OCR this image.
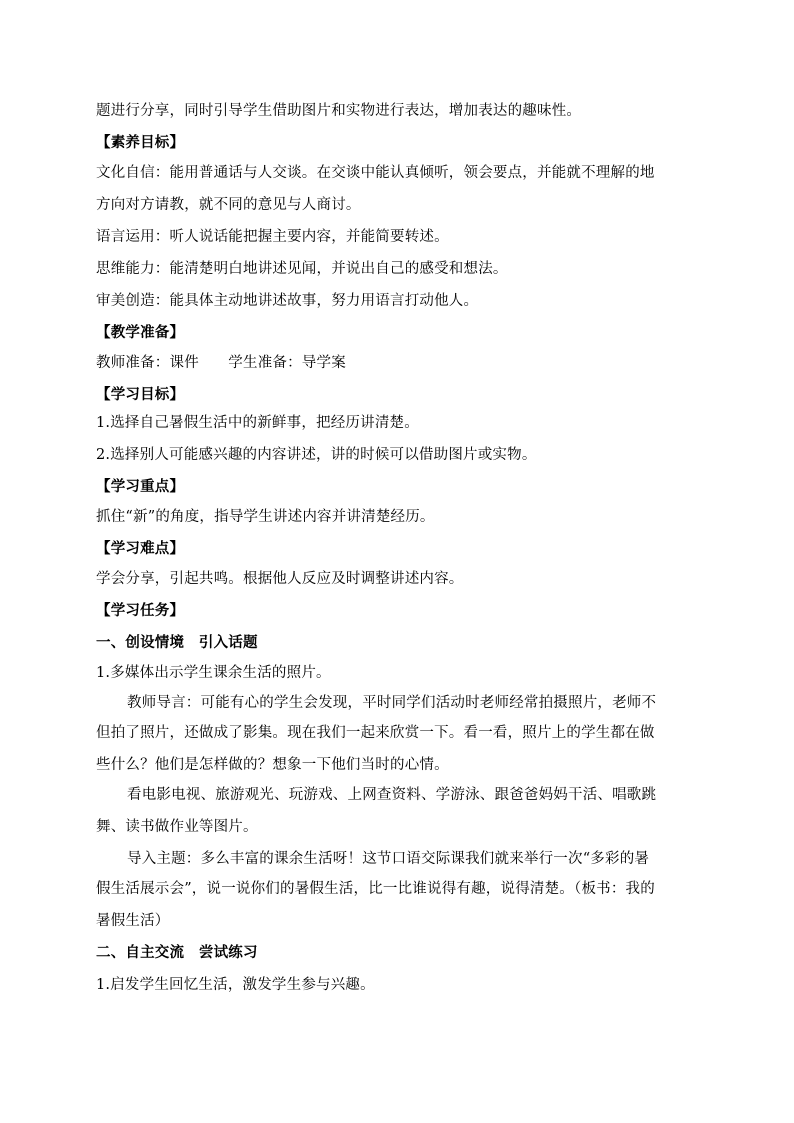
题进行分享，同时引导学生借助图片和实物进行表达，增加表达的趣味性。
【素养目标】
文化自信：能用普通话与人交谈。在交谈中能认真倾听，领会要点，并能就不理解的地
方向对方请教，就不同的意见与人商讨。
语言运用：听人说话能把握主要内容，并能简要转述。
思维能力：能清楚明白地讲述见闻，并说出自己的感受和想法。
审美创造：能具体主动地讲述故事，努力用语言打动他人。
【教学准备】
教师准备：课件　　学生准备：导学案
【学习目标】
1.选择自己暑假生活中的新鲜事，把经历讲清楚。
2.选择别人可能感兴趣的内容讲述，讲的时候可以借助图片或实物。
【学习重点】
抓住“新”的角度，指导学生讲述内容并讲清楚经历。
【学习难点】
学会分享，引起共鸣。根据他人反应及时调整讲述内容。
【学习任务】
一、创设情境　引入话题
1.多媒体出示学生课余生活的照片。
教师导言：可能有心的学生会发现，平时同学们活动时老师经常拍摄照片，老师不
但拍了照片，还做成了影集。现在我们一起来欣赏一下。看一看，照片上的学生都在做
些什么？他们是怎样做的？想象一下他们当时的心情。
看电影电视、旅游观光、玩游戏、上网查资料、学游泳、跟爸爸妈妈干活、唱歌跳
舞、读书做作业等图片。
导入主题：多么丰富的课余生活呀！这节口语交际课我们就来举行一次“多彩的暑
假生活展示会”，说一说你们的暑假生活，比一比谁说得有趣，说得清楚。（板书：我的
暑假生活）
二、自主交流　尝试练习
1.启发学生回忆生活，激发学生参与兴趣。
